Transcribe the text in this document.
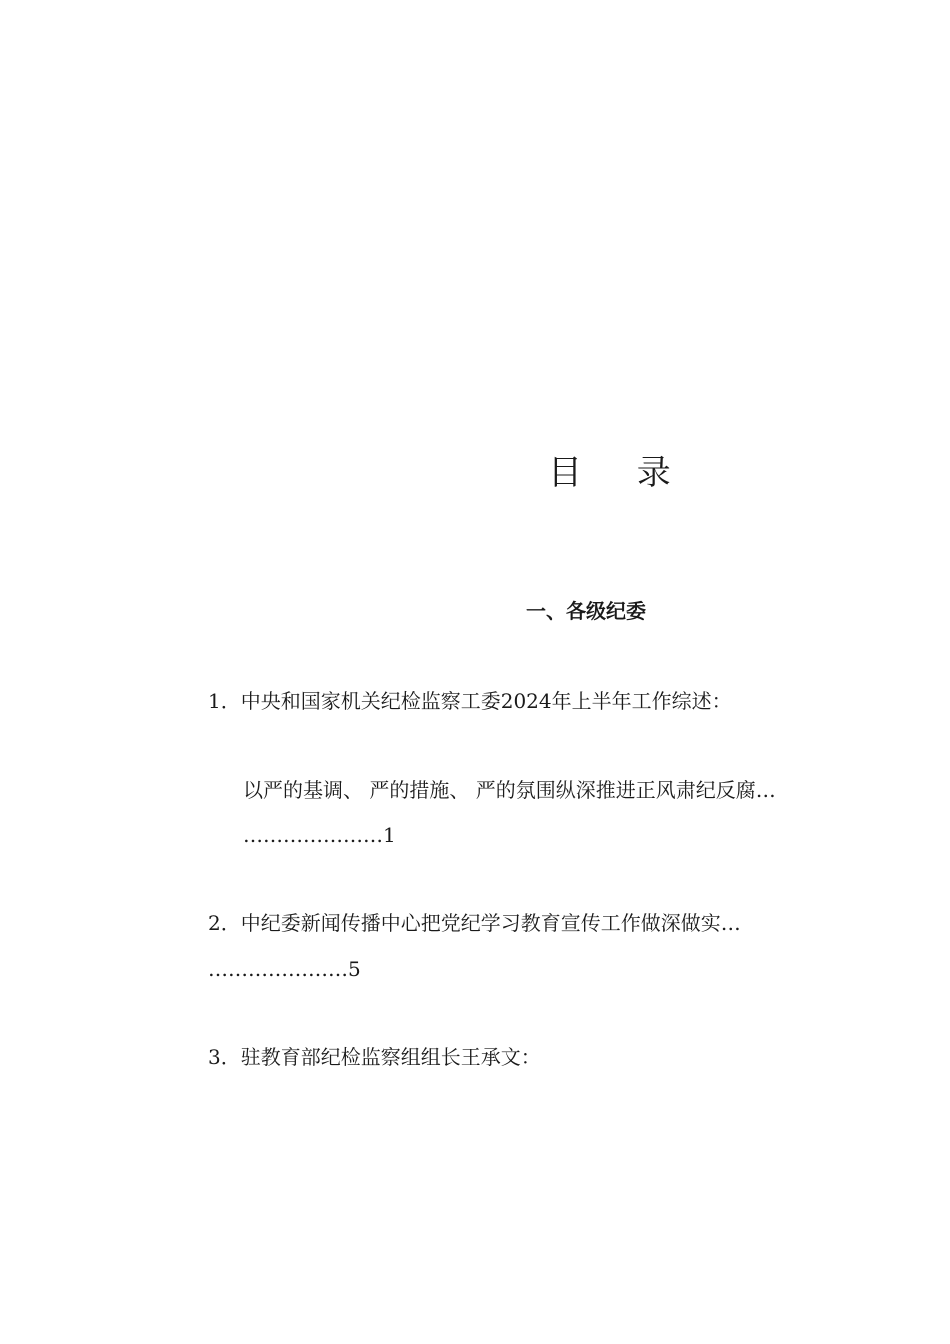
目 录
一、各级纪委
1．中央和国家机关纪检监察工委2024年上半年工作综述：
以严的基调、 严的措施、 严的氛围纵深推进正风肃纪反腐…
…………………1
2．中纪委新闻传播中心把党纪学习教育宣传工作做深做实…
…………………5
3．驻教育部纪检监察组组长王承文：
